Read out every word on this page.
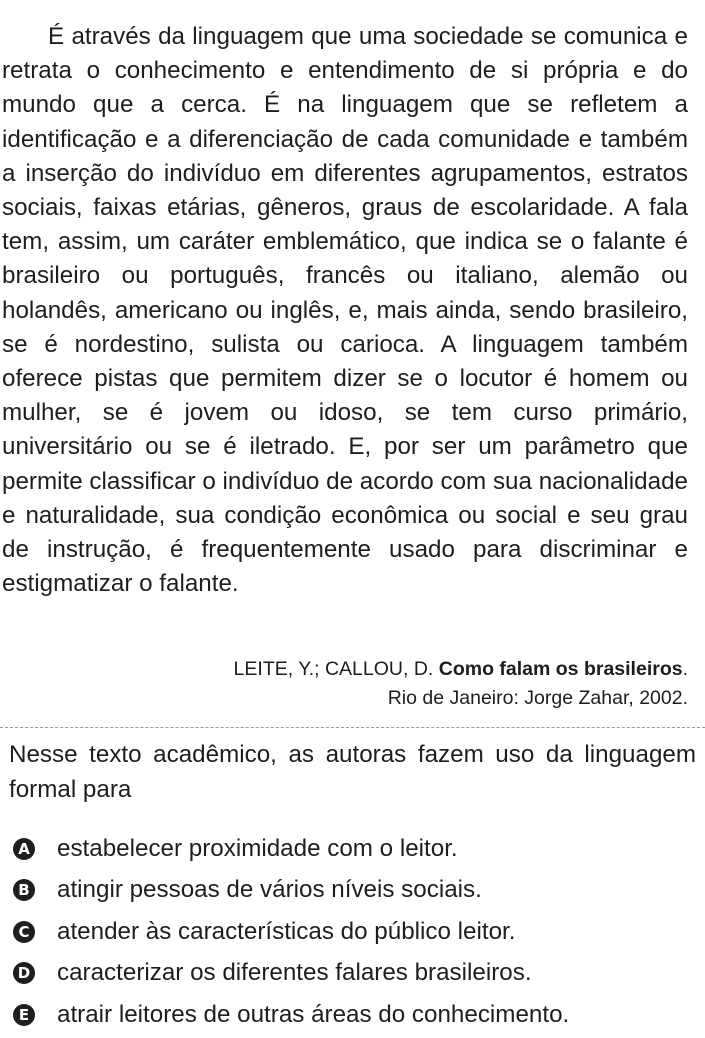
É através da linguagem que uma sociedade se comunica e retrata o conhecimento e entendimento de si própria e do mundo que a cerca. É na linguagem que se refletem a identificação e a diferenciação de cada comunidade e também a inserção do indivíduo em diferentes agrupamentos, estratos sociais, faixas etárias, gêneros, graus de escolaridade. A fala tem, assim, um caráter emblemático, que indica se o falante é brasileiro ou português, francês ou italiano, alemão ou holandês, americano ou inglês, e, mais ainda, sendo brasileiro, se é nordestino, sulista ou carioca. A linguagem também oferece pistas que permitem dizer se o locutor é homem ou mulher, se é jovem ou idoso, se tem curso primário, universitário ou se é iletrado. E, por ser um parâmetro que permite classificar o indivíduo de acordo com sua nacionalidade e naturalidade, sua condição econômica ou social e seu grau de instrução, é frequentemente usado para discriminar e estigmatizar o falante.

LEITE, Y.; CALLOU, D. Como falam os brasileiros.
Rio de Janeiro: Jorge Zahar, 2002.

Nesse texto acadêmico, as autoras fazem uso da linguagem formal para

A estabelecer proximidade com o leitor.
B atingir pessoas de vários níveis sociais.
C atender às características do público leitor.
D caracterizar os diferentes falares brasileiros.
E atrair leitores de outras áreas do conhecimento.
